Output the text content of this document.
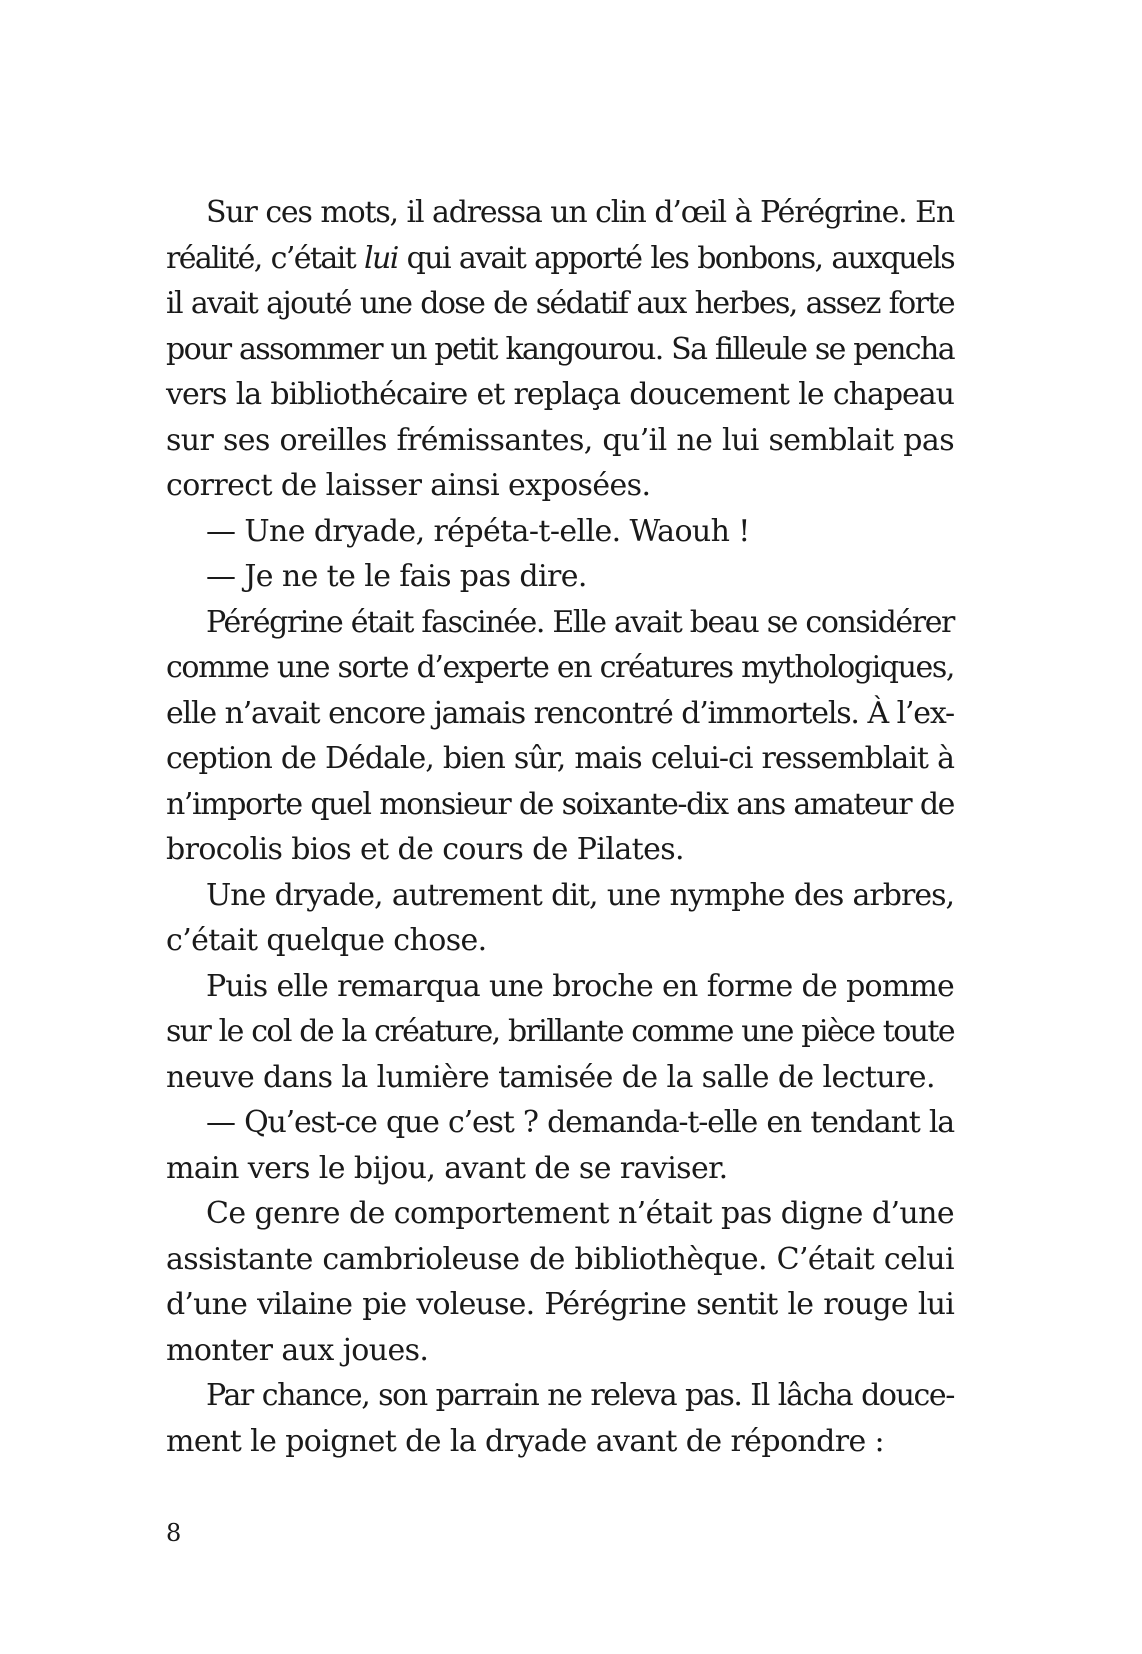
Sur ces mots, il adressa un clin d’œil à Pérégrine. En
réalité, c’était lui qui avait apporté les bonbons, auxquels
il avait ajouté une dose de sédatif aux herbes, assez forte
pour assommer un petit kangourou. Sa filleule se pencha
vers la bibliothécaire et replaça doucement le chapeau
sur ses oreilles frémissantes, qu’il ne lui semblait pas
correct de laisser ainsi exposées.
— Une dryade, répéta-t-elle. Waouh !
— Je ne te le fais pas dire.
Pérégrine était fascinée. Elle avait beau se considérer
comme une sorte d’experte en créatures mythologiques,
elle n’avait encore jamais rencontré d’immortels. À l’ex-
ception de Dédale, bien sûr, mais celui-ci ressemblait à
n’importe quel monsieur de soixante-dix ans amateur de
brocolis bios et de cours de Pilates.
Une dryade, autrement dit, une nymphe des arbres,
c’était quelque chose.
Puis elle remarqua une broche en forme de pomme
sur le col de la créature, brillante comme une pièce toute
neuve dans la lumière tamisée de la salle de lecture.
— Qu’est-ce que c’est ? demanda-t-elle en tendant la
main vers le bijou, avant de se raviser.
Ce genre de comportement n’était pas digne d’une
assistante cambrioleuse de bibliothèque. C’était celui
d’une vilaine pie voleuse. Pérégrine sentit le rouge lui
monter aux joues.
Par chance, son parrain ne releva pas. Il lâcha douce-
ment le poignet de la dryade avant de répondre :
8
